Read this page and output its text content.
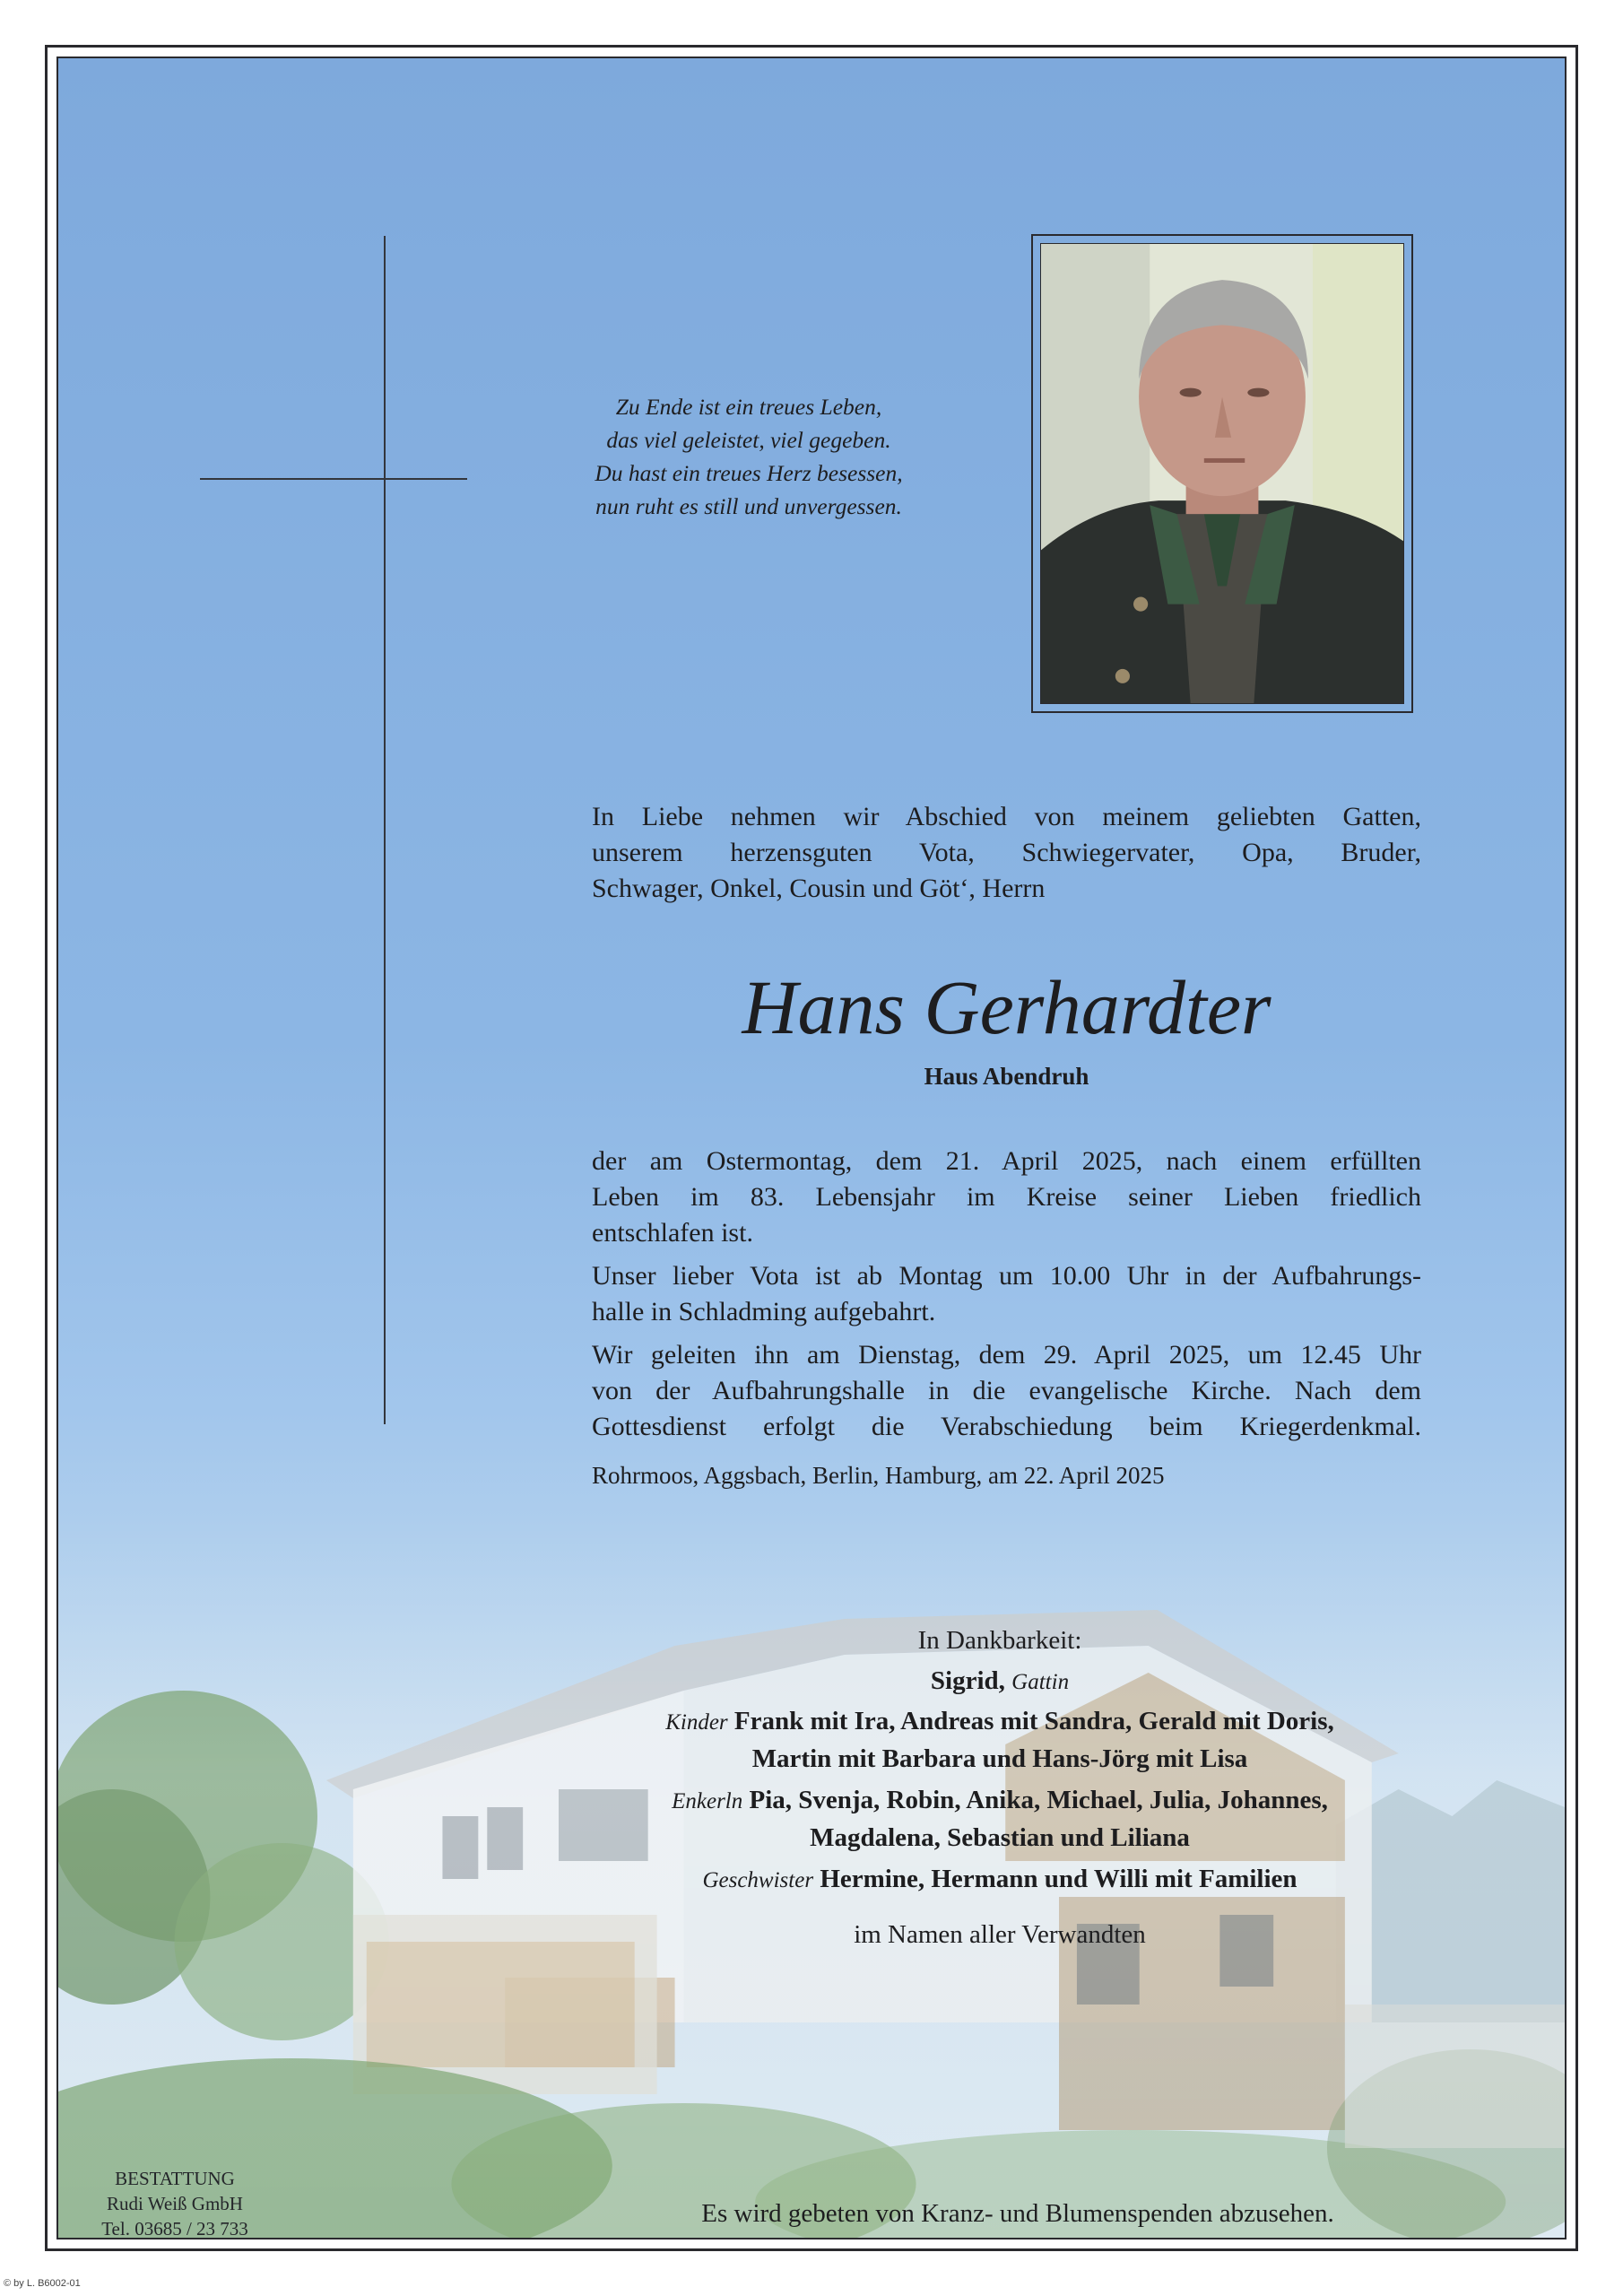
Zu Ende ist ein treues Leben,
das viel geleistet, viel gegeben.
Du hast ein treues Herz besessen,
nun ruht es still und unvergessen.
In Liebe nehmen wir Abschied von meinem geliebten Gatten,
unserem herzensguten Vota, Schwiegervater, Opa, Bruder,
Schwager, Onkel, Cousin und Göt‘, Herrn
Hans Gerhardter
Haus Abendruh
der am Ostermontag, dem 21. April 2025, nach einem erfüllten
Leben im 83. Lebensjahr im Kreise seiner Lieben friedlich
entschlafen ist.
Unser lieber Vota ist ab Montag um 10.00 Uhr in der Aufbahrungs-
halle in Schladming aufgebahrt.
Wir geleiten ihn am Dienstag, dem 29. April 2025, um 12.45 Uhr
von der Aufbahrungshalle in die evangelische Kirche. Nach dem
Gottesdienst erfolgt die Verabschiedung beim Kriegerdenkmal.
Rohrmoos, Aggsbach, Berlin, Hamburg, am 22. April 2025
In Dankbarkeit:
Sigrid, Gattin
Kinder Frank mit Ira, Andreas mit Sandra, Gerald mit Doris,
Martin mit Barbara und Hans-Jörg mit Lisa
Enkerln Pia, Svenja, Robin, Anika, Michael, Julia, Johannes,
Magdalena, Sebastian und Liliana
Geschwister Hermine, Hermann und Willi mit Familien
im Namen aller Verwandten
Es wird gebeten von Kranz- und Blumenspenden abzusehen.
BESTATTUNG
Rudi Weiß GmbH
Tel. 03685 / 23 733
© by L. B6002-01
